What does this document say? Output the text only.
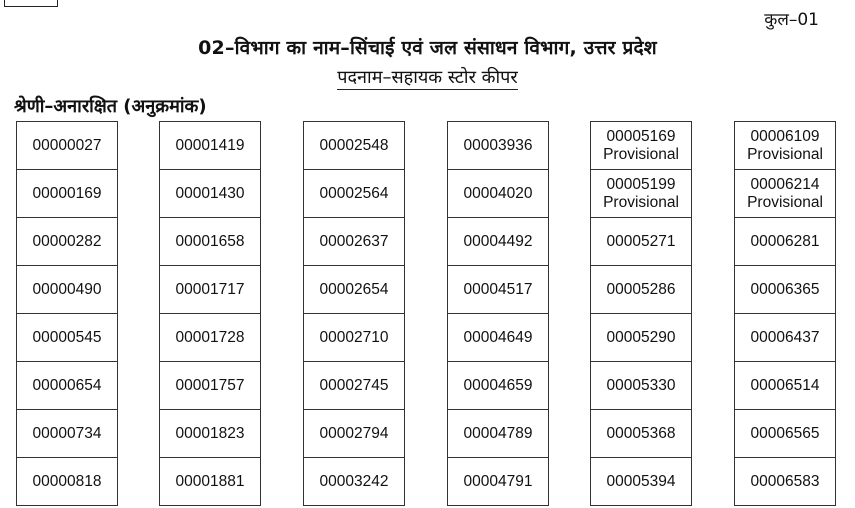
कुल–01
02–विभाग का नाम–सिंचाई एवं जल संसाधन विभाग, उत्तर प्रदेश
पदनाम–सहायक स्टोर कीपर
श्रेणी–अनारक्षित (अनुक्रमांक)
00000027
00000169
00000282
00000490
00000545
00000654
00000734
00000818
00001419
00001430
00001658
00001717
00001728
00001757
00001823
00001881
00002548
00002564
00002637
00002654
00002710
00002745
00002794
00003242
00003936
00004020
00004492
00004517
00004649
00004659
00004789
00004791
00005169
Provisional
00005199
Provisional
00005271
00005286
00005290
00005330
00005368
00005394
00006109
Provisional
00006214
Provisional
00006281
00006365
00006437
00006514
00006565
00006583
